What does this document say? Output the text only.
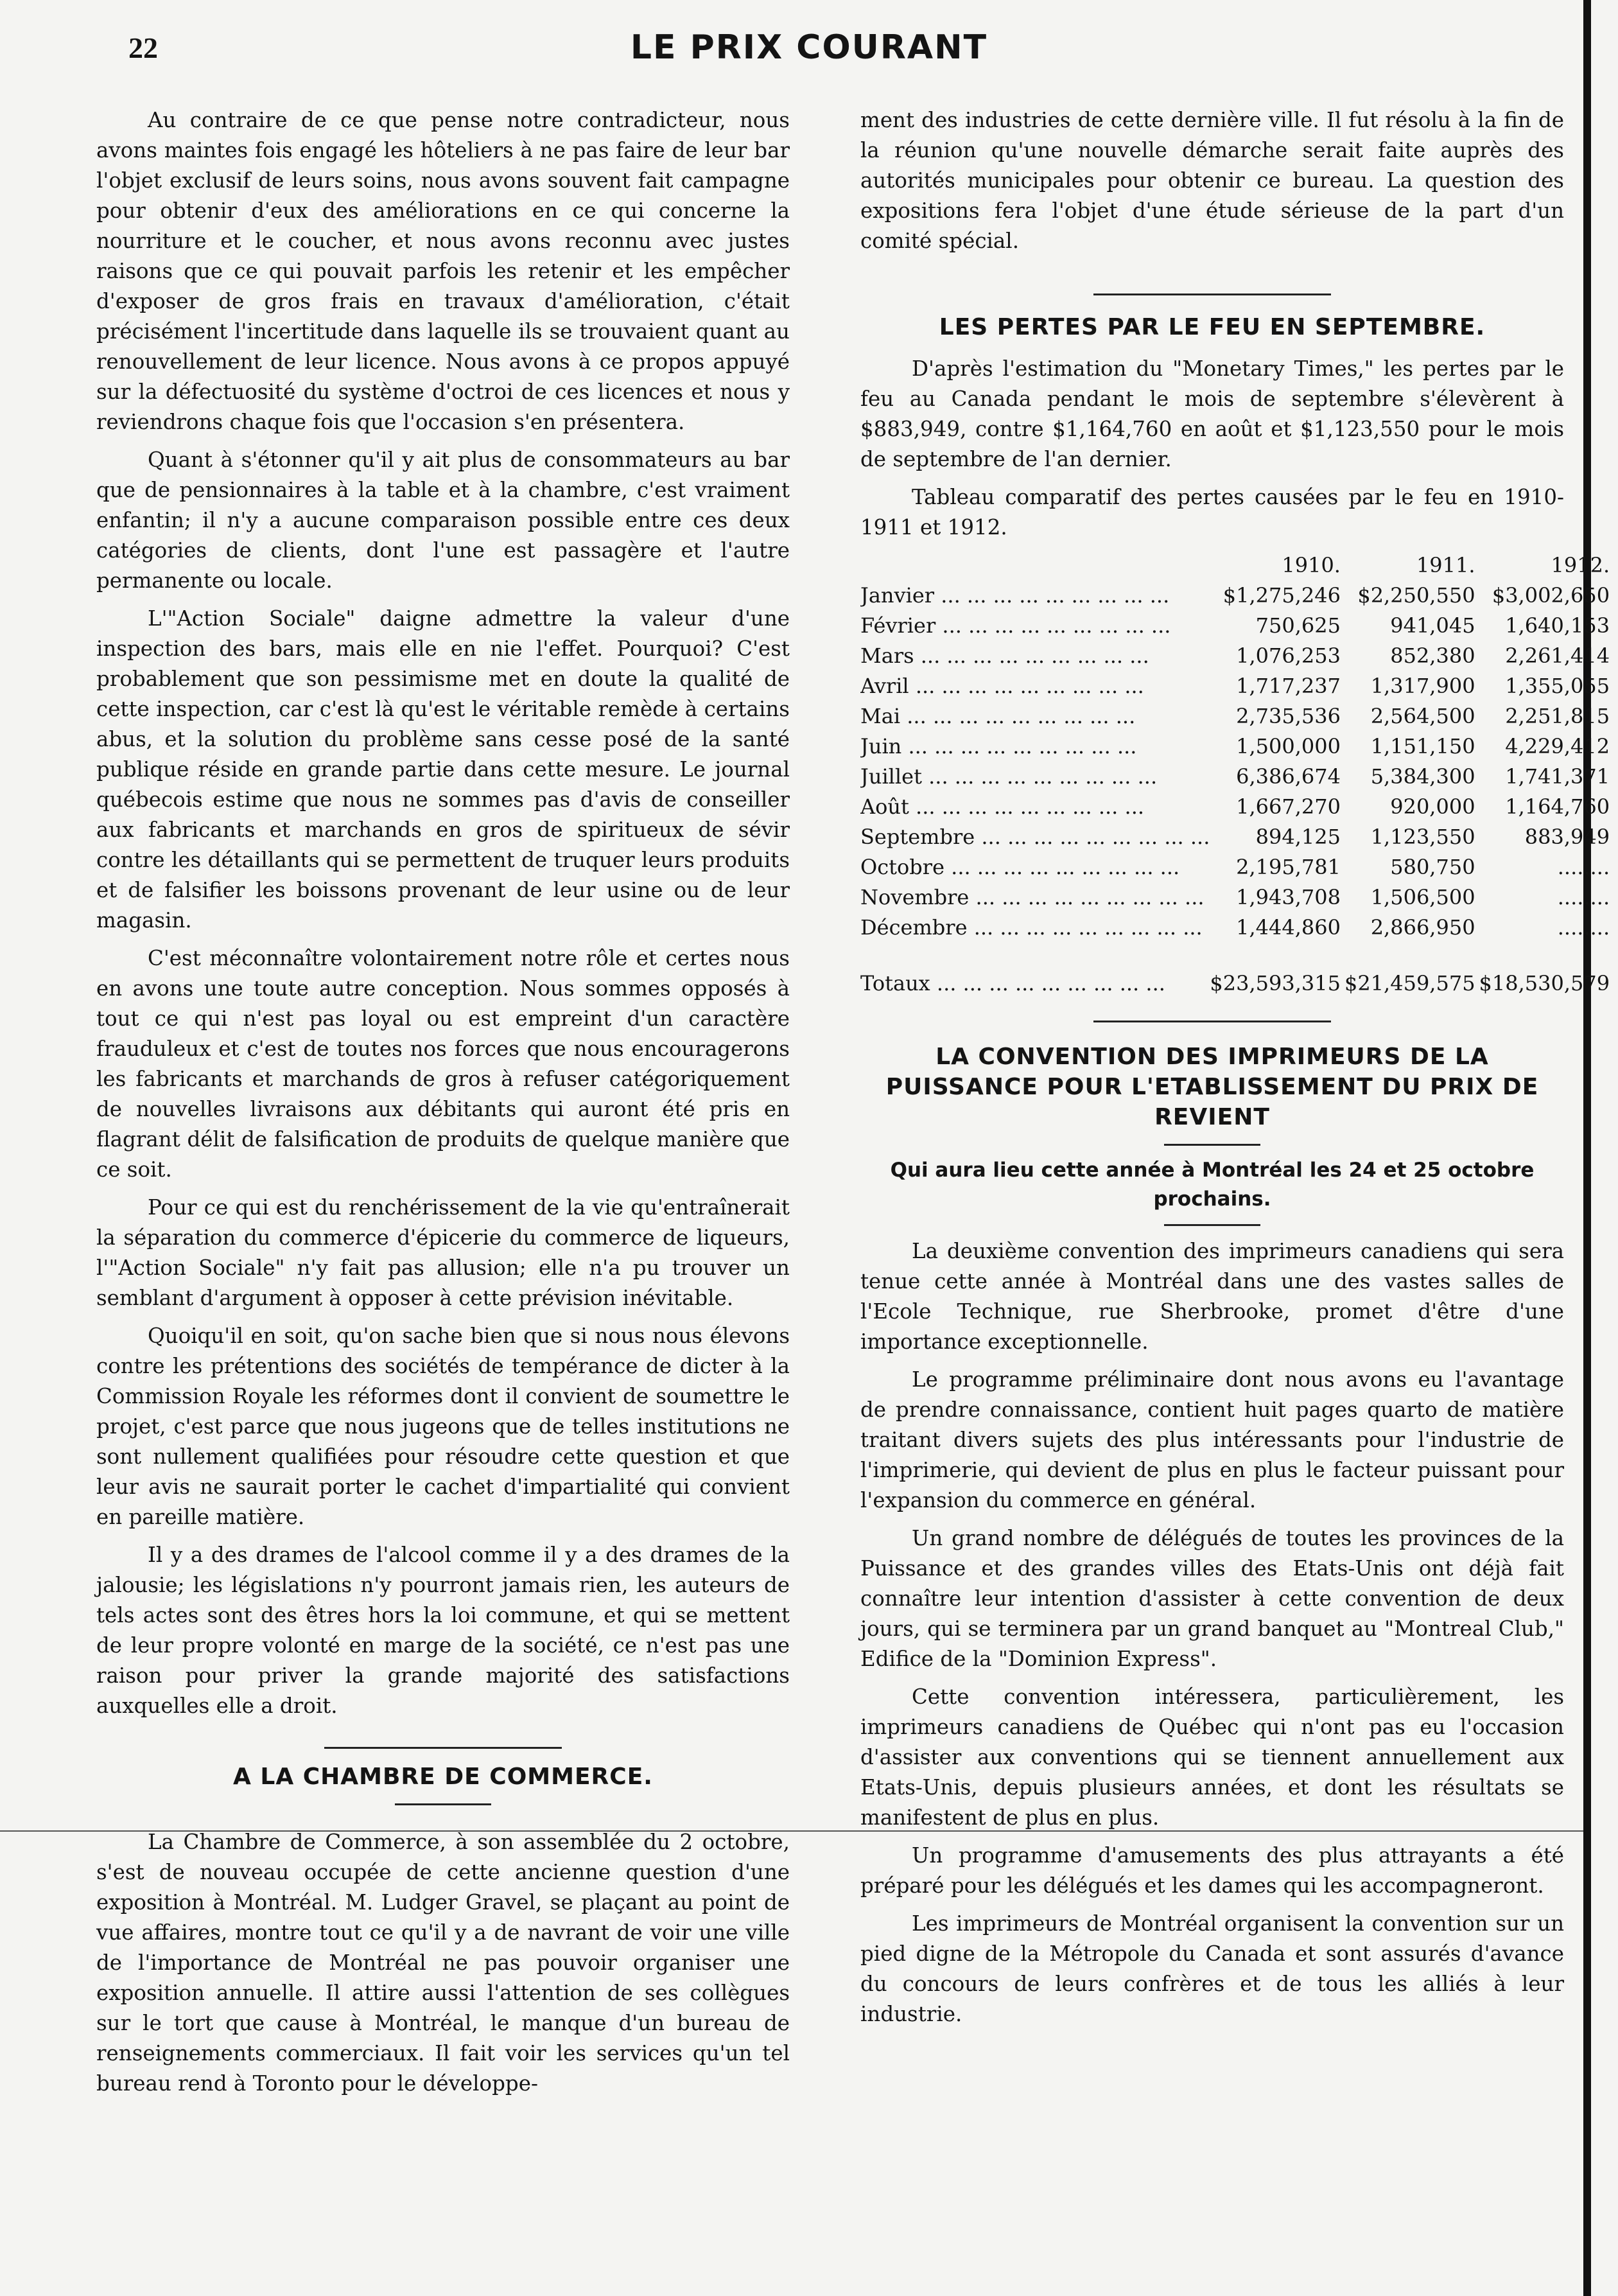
22	LE PRIX COURANT

Au contraire de ce que pense notre contradicteur, nous avons maintes fois engagé les hôteliers à ne pas faire de leur bar l'objet exclusif de leurs soins, nous avons souvent fait campagne pour obtenir d'eux des améliorations en ce qui concerne la nourriture et le coucher, et nous avons reconnu avec justes raisons que ce qui pouvait parfois les retenir et les empêcher d'exposer de gros frais en travaux d'amélioration, c'était précisément l'incertitude dans laquelle ils se trouvaient quant au renouvellement de leur licence. Nous avons à ce propos appuyé sur la défectuosité du système d'octroi de ces licences et nous y reviendrons chaque fois que l'occasion s'en présentera.

Quant à s'étonner qu'il y ait plus de consommateurs au bar que de pensionnaires à la table et à la chambre, c'est vraiment enfantin; il n'y a aucune comparaison possible entre ces deux catégories de clients, dont l'une est passagère et l'autre permanente ou locale.

L'"Action Sociale" daigne admettre la valeur d'une inspection des bars, mais elle en nie l'effet. Pourquoi? C'est probablement que son pessimisme met en doute la qualité de cette inspection, car c'est là qu'est le véritable remède à certains abus, et la solution du problème sans cesse posé de la santé publique réside en grande partie dans cette mesure. Le journal québecois estime que nous ne sommes pas d'avis de conseiller aux fabricants et marchands en gros de spiritueux de sévir contre les détaillants qui se permettent de truquer leurs produits et de falsifier les boissons provenant de leur usine ou de leur magasin.

C'est méconnaître volontairement notre rôle et certes nous en avons une toute autre conception. Nous sommes opposés à tout ce qui n'est pas loyal ou est empreint d'un caractère frauduleux et c'est de toutes nos forces que nous encouragerons les fabricants et marchands de gros à refuser catégoriquement de nouvelles livraisons aux débitants qui auront été pris en flagrant délit de falsification de produits de quelque manière que ce soit.

Pour ce qui est du renchérissement de la vie qu'entraînerait la séparation du commerce d'épicerie du commerce de liqueurs, l'"Action Sociale" n'y fait pas allusion; elle n'a pu trouver un semblant d'argument à opposer à cette prévision inévitable.

Quoiqu'il en soit, qu'on sache bien que si nous nous élevons contre les prétentions des sociétés de tempérance de dicter à la Commission Royale les réformes dont il convient de soumettre le projet, c'est parce que nous jugeons que de telles institutions ne sont nullement qualifiées pour résoudre cette question et que leur avis ne saurait porter le cachet d'impartialité qui convient en pareille matière.

Il y a des drames de l'alcool comme il y a des drames de la jalousie; les législations n'y pourront jamais rien, les auteurs de tels actes sont des êtres hors la loi commune, et qui se mettent de leur propre volonté en marge de la société, ce n'est pas une raison pour priver la grande majorité des satisfactions auxquelles elle a droit.

A LA CHAMBRE DE COMMERCE.

La Chambre de Commerce, à son assemblée du 2 octobre, s'est de nouveau occupée de cette ancienne question d'une exposition à Montréal. M. Ludger Gravel, se plaçant au point de vue affaires, montre tout ce qu'il y a de navrant de voir une ville de l'importance de Montréal ne pas pouvoir organiser une exposition annuelle. Il attire aussi l'attention de ses collègues sur le tort que cause à Montréal, le manque d'un bureau de renseignements commerciaux. Il fait voir les services qu'un tel bureau rend à Toronto pour le développe-

ment des industries de cette dernière ville. Il fut résolu à la fin de la réunion qu'une nouvelle démarche serait faite auprès des autorités municipales pour obtenir ce bureau. La question des expositions fera l'objet d'une étude sérieuse de la part d'un comité spécial.

LES PERTES PAR LE FEU EN SEPTEMBRE.

D'après l'estimation du "Monetary Times," les pertes par le feu au Canada pendant le mois de septembre s'élevèrent à $883,949, contre $1,164,760 en août et $1,123,550 pour le mois de septembre de l'an dernier.

Tableau comparatif des pertes causées par le feu en 1910-1911 et 1912.

	1910.	1911.	1912.
Janvier ... ... ... ... ... ... ... ... ...	$1,275,246	$2,250,550	$3,002,650
Février ... ... ... ... ... ... ... ... ...	750,625	941,045	1,640,153
Mars ... ... ... ... ... ... ... ... ...	1,076,253	852,380	2,261,414
Avril ... ... ... ... ... ... ... ... ...	1,717,237	1,317,900	1,355,055
Mai ... ... ... ... ... ... ... ... ...	2,735,536	2,564,500	2,251,815
Juin ... ... ... ... ... ... ... ... ...	1,500,000	1,151,150	4,229,412
Juillet ... ... ... ... ... ... ... ... ...	6,386,674	5,384,300	1,741,371
Août ... ... ... ... ... ... ... ... ...	1,667,270	920,000	1,164,760
Septembre ... ... ... ... ... ... ... ... ...	894,125	1,123,550	883,949
Octobre ... ... ... ... ... ... ... ... ...	2,195,781	580,750	........
Novembre ... ... ... ... ... ... ... ... ...	1,943,708	1,506,500	........
Décembre ... ... ... ... ... ... ... ... ...	1,444,860	2,866,950	........
Totaux ... ... ... ... ... ... ... ... ...	$23,593,315	$21,459,575	$18,530,579
LA CONVENTION DES IMPRIMEURS DE LA PUISSANCE POUR L'ETABLISSEMENT DU PRIX DE REVIENT
Qui aura lieu cette année à Montréal les 24 et 25 octobre prochains.

La deuxième convention des imprimeurs canadiens qui sera tenue cette année à Montréal dans une des vastes salles de l'Ecole Technique, rue Sherbrooke, promet d'être d'une importance exceptionnelle.

Le programme préliminaire dont nous avons eu l'avantage de prendre connaissance, contient huit pages quarto de matière traitant divers sujets des plus intéressants pour l'industrie de l'imprimerie, qui devient de plus en plus le facteur puissant pour l'expansion du commerce en général.

Un grand nombre de délégués de toutes les provinces de la Puissance et des grandes villes des Etats-Unis ont déjà fait connaître leur intention d'assister à cette convention de deux jours, qui se terminera par un grand banquet au "Montreal Club," Edifice de la "Dominion Express".

Cette convention intéressera, particulièrement, les imprimeurs canadiens de Québec qui n'ont pas eu l'occasion d'assister aux conventions qui se tiennent annuellement aux Etats-Unis, depuis plusieurs années, et dont les résultats se manifestent de plus en plus.

Un programme d'amusements des plus attrayants a été préparé pour les délégués et les dames qui les accompagneront.

Les imprimeurs de Montréal organisent la convention sur un pied digne de la Métropole du Canada et sont assurés d'avance du concours de leurs confrères et de tous les alliés à leur industrie.
